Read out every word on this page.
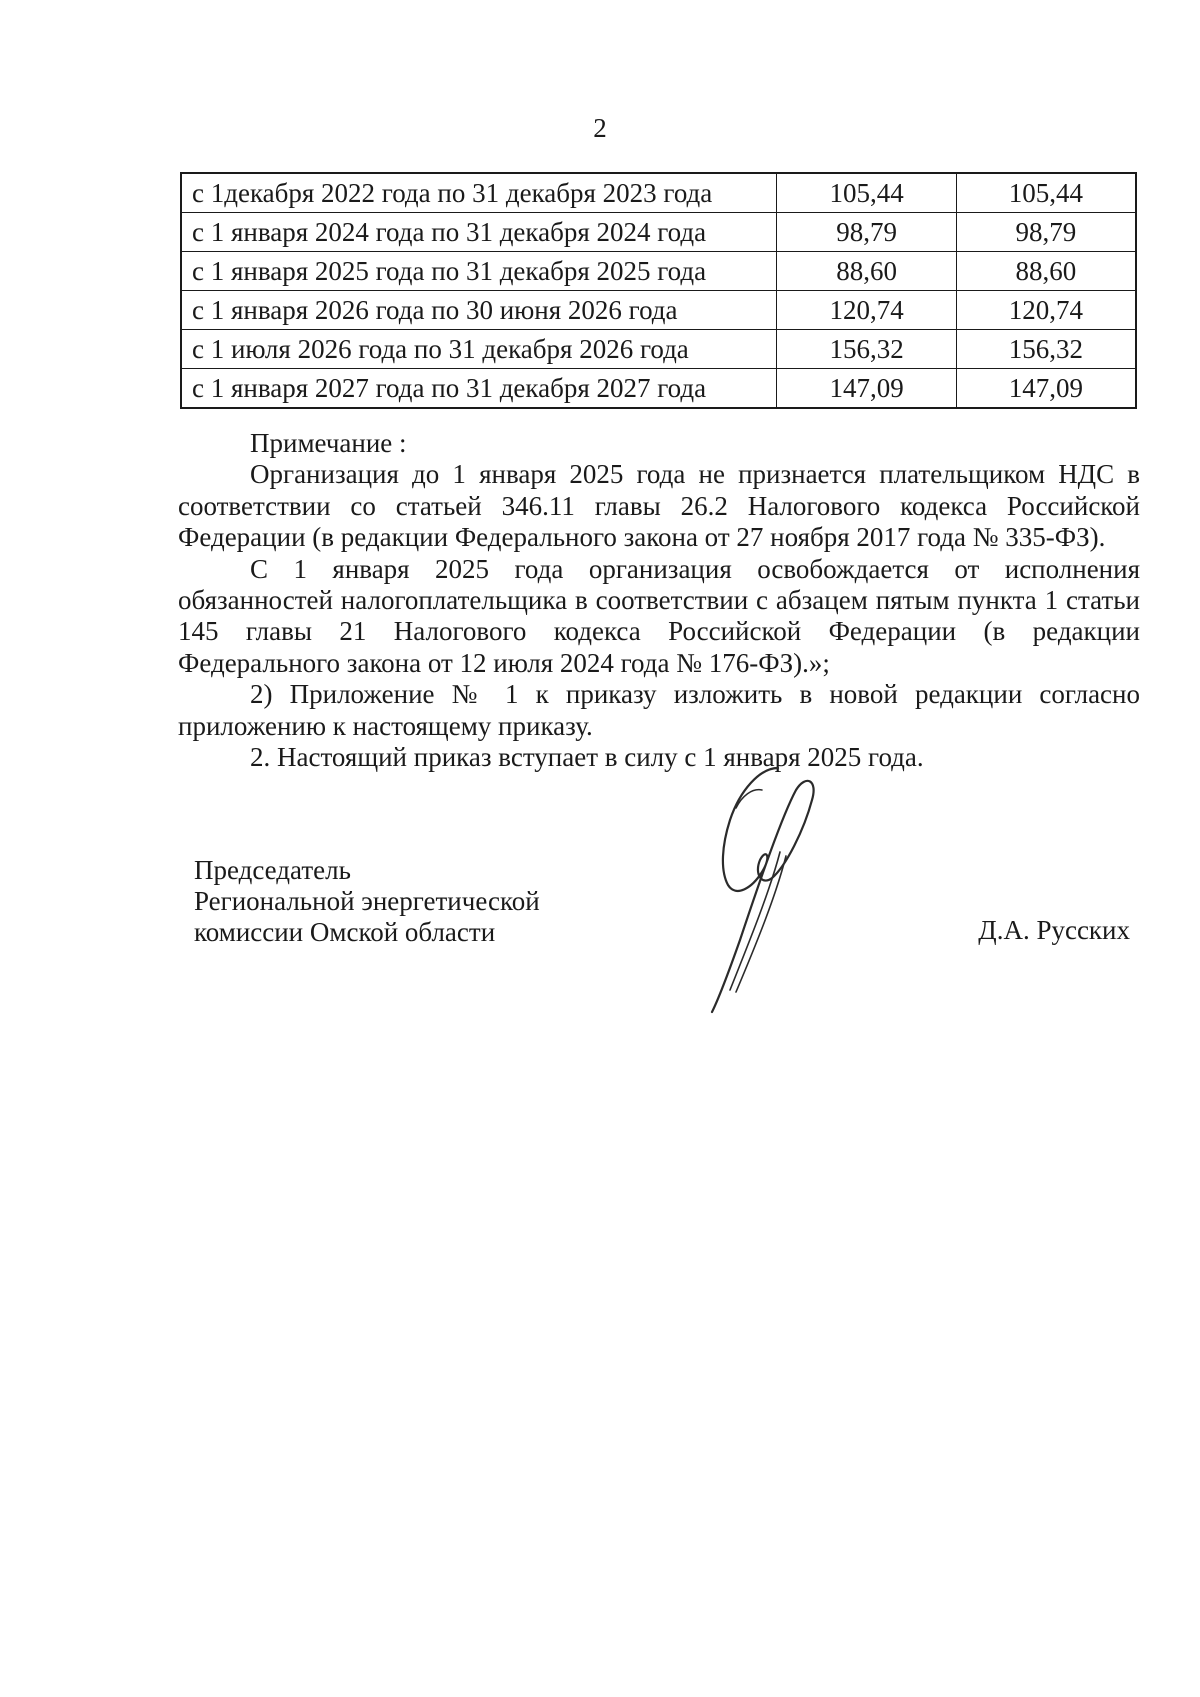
2
с 1декабря 2022 года по 31 декабря 2023 года	105,44	105,44
с 1 января 2024 года по 31 декабря 2024 года	98,79	98,79
с 1 января 2025 года по 31 декабря 2025 года	88,60	88,60
с 1 января 2026 года по 30 июня 2026 года	120,74	120,74
с 1 июля 2026 года по 31 декабря 2026 года	156,32	156,32
с 1 января 2027 года по 31 декабря 2027 года	147,09	147,09

Примечание :

Организация до 1 января 2025 года не признается плательщиком НДС в соответствии со статьей 346.11 главы 26.2 Налогового кодекса Российской Федерации (в редакции Федерального закона от 27 ноября 2017 года № 335-ФЗ).

С 1 января 2025 года организация освобождается от исполнения обязанностей налогоплательщика в соответствии с абзацем пятым пункта 1 статьи 145 главы 21 Налогового кодекса Российской Федерации (в редакции Федерального закона от 12 июля 2024 года № 176-ФЗ).»;

2) Приложение № 1 к приказу изложить в новой редакции согласно приложению к настоящему приказу.

2. Настоящий приказ вступает в силу с 1 января 2025 года.

Председатель
Региональной энергетической
комиссии Омской области	Д.А. Русских
